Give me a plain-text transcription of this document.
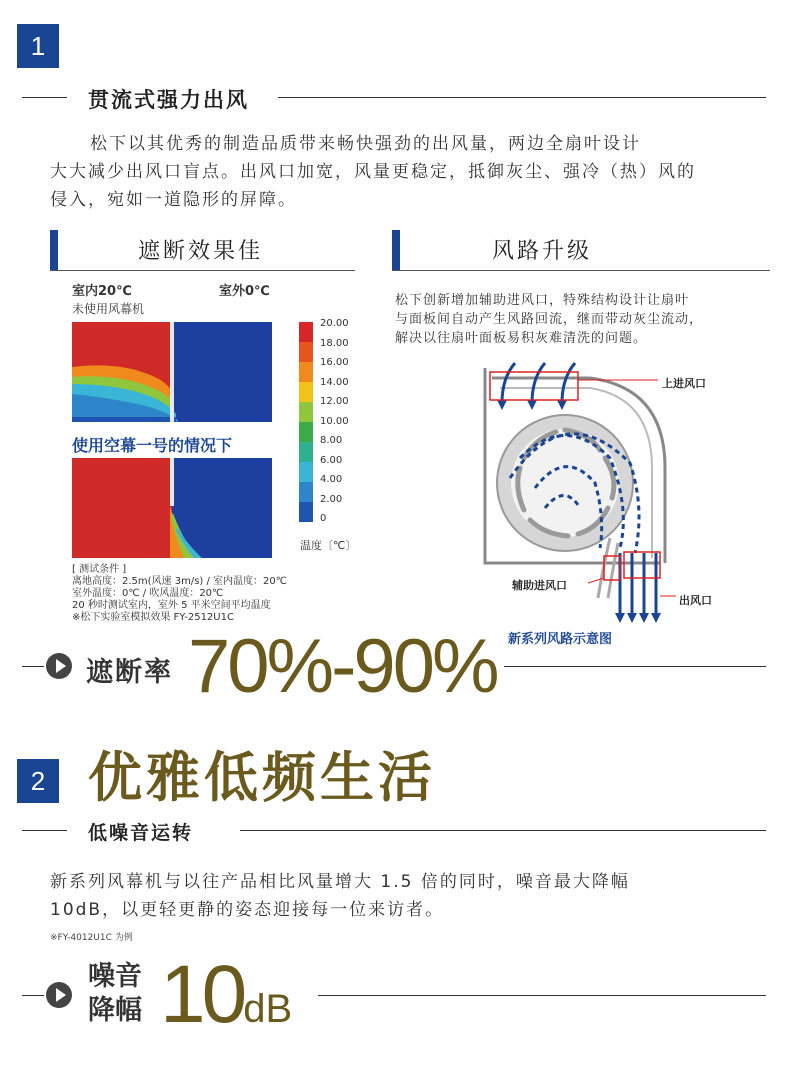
1
贯流式强力出风
松下以其优秀的制造品质带来畅快强劲的出风量，两边全扇叶设计
大大减少出风口盲点。出风口加宽，风量更稳定，抵御灰尘、强冷（热）风的
侵入，宛如一道隐形的屏障。
遮断效果佳
室内20℃	室外0℃
未使用风幕机
使用空幕一号的情况下
20.00
18.00
16.00
14.00
12.00
10.00
8.00
6.00
4.00
2.00
0
温度〔℃〕
[ 测试条件 ]
离地高度：2.5m(风速 3m/s) / 室内温度：20℃
室外温度：0℃ / 吹风温度：20℃
20 秒时测试室内，室外 5 平米空间平均温度
※松下实验室模拟效果 FY-2512U1C
风路升级
松下创新增加辅助进风口，特殊结构设计让扇叶
与面板间自动产生风路回流，继而带动灰尘流动，
解决以往扇叶面板易积灰难清洗的问题。
上进风口
辅助进风口
出风口
新系列风路示意图
遮断率 70%-90%
2 优雅低频生活
低噪音运转
新系列风幕机与以往产品相比风量增大 1.5 倍的同时，噪音最大降幅
10dB，以更轻更静的姿态迎接每一位来访者。
※FY-4012U1C 为例
噪音
降幅 10dB
